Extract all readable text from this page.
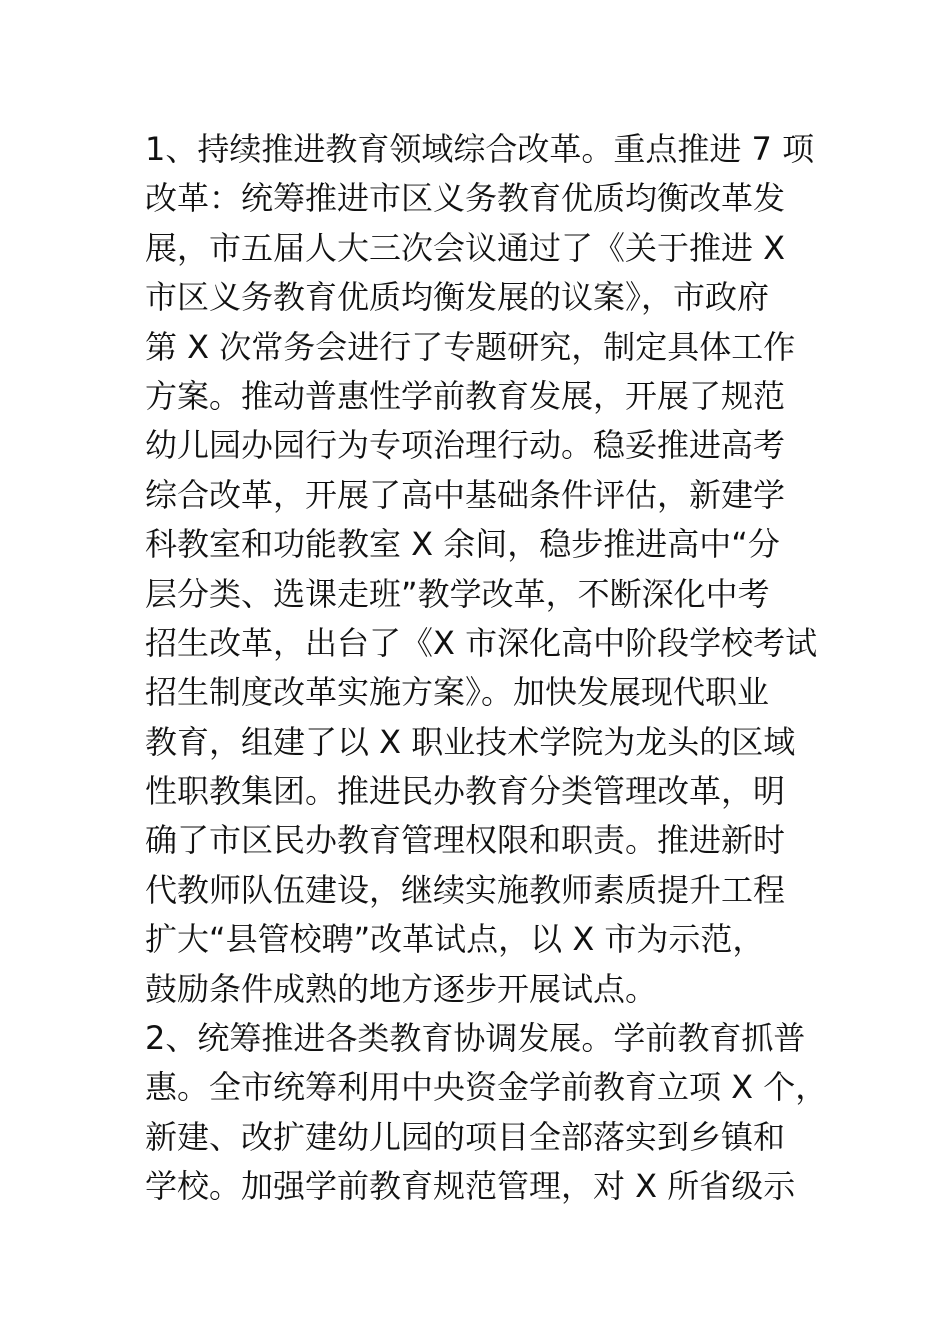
1、持续推进教育领域综合改革。重点推进 7 项
改革：统筹推进市区义务教育优质均衡改革发
展，市五届人大三次会议通过了《关于推进 X
市区义务教育优质均衡发展的议案》，市政府
第 X 次常务会进行了专题研究，制定具体工作
方案。推动普惠性学前教育发展，开展了规范
幼儿园办园行为专项治理行动。稳妥推进高考
综合改革，开展了高中基础条件评估，新建学
科教室和功能教室 X 余间，稳步推进高中“分
层分类、选课走班”教学改革，不断深化中考
招生改革，出台了《X 市深化高中阶段学校考试
招生制度改革实施方案》。加快发展现代职业
教育，组建了以 X 职业技术学院为龙头的区域
性职教集团。推进民办教育分类管理改革，明
确了市区民办教育管理权限和职责。推进新时
代教师队伍建设，继续实施教师素质提升工程
扩大“县管校聘”改革试点，以 X 市为示范，
鼓励条件成熟的地方逐步开展试点。
2、统筹推进各类教育协调发展。学前教育抓普
惠。全市统筹利用中央资金学前教育立项 X 个，
新建、改扩建幼儿园的项目全部落实到乡镇和
学校。加强学前教育规范管理，对 X 所省级示
